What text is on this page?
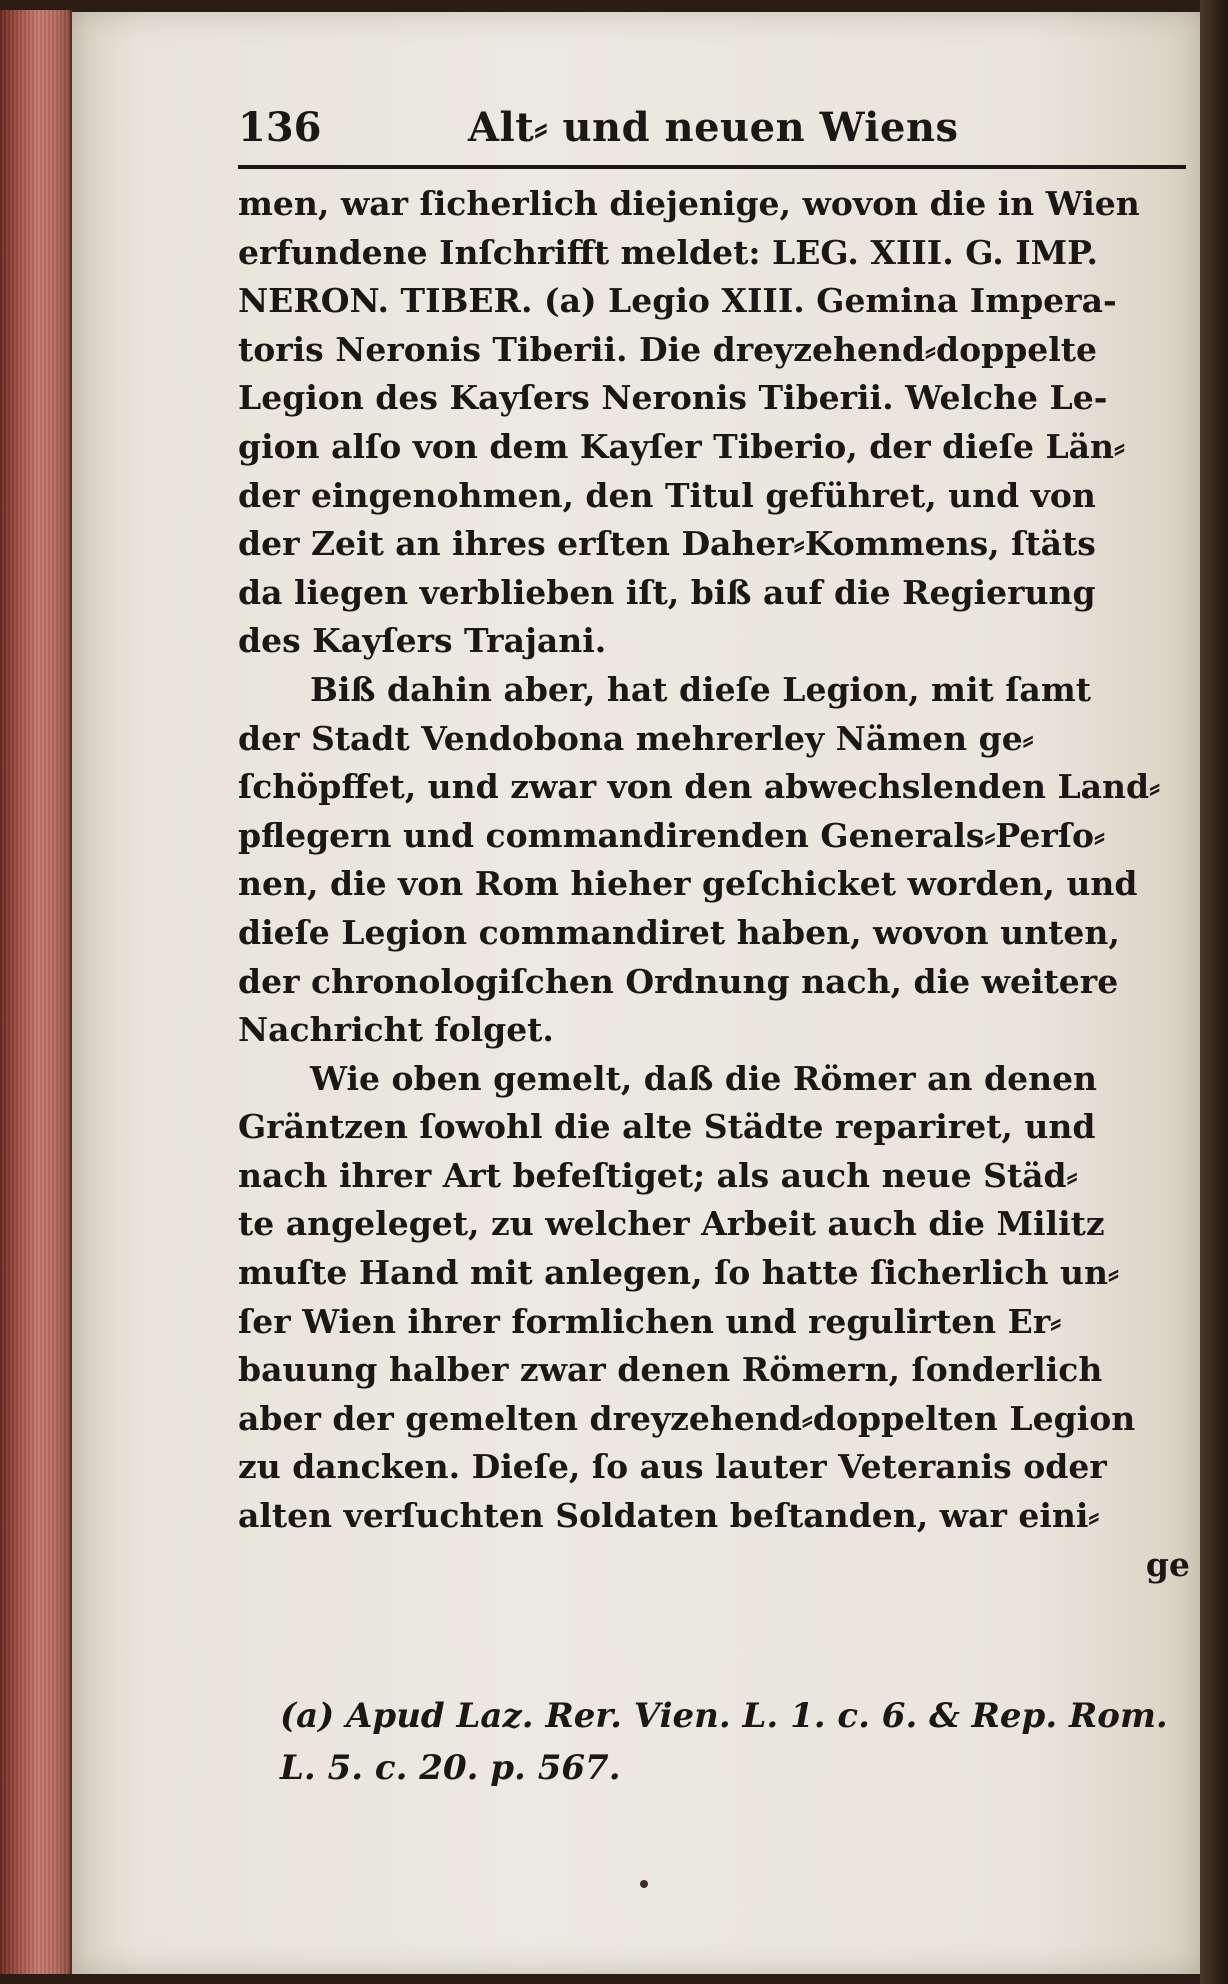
136	Alt⸗ und neuen Wiens
men, war ſicherlich diejenige, wovon die in Wien
erfundene Inſchrifft meldet: LEG. XIII. G. IMP.
NERON. TIBER. (a) Legio XIII. Gemina Impera-
toris Neronis Tiberii. Die dreyzehend⸗doppelte
Legion des Kayſers Neronis Tiberii. Welche Le-
gion alſo von dem Kayſer Tiberio, der dieſe Län⸗
der eingenohmen, den Titul geführet, und von
der Zeit an ihres erſten Daher⸗Kommens, ſtäts
da liegen verblieben iſt, biß auf die Regierung
des Kayſers Trajani.
Biß dahin aber, hat dieſe Legion, mit ſamt
der Stadt Vendobona mehrerley Nämen ge⸗
ſchöpffet, und zwar von den abwechslenden Land⸗
pflegern und commandirenden Generals⸗Perſo⸗
nen, die von Rom hieher geſchicket worden, und
dieſe Legion commandiret haben, wovon unten,
der chronologiſchen Ordnung nach, die weitere
Nachricht folget.
Wie oben gemelt, daß die Römer an denen
Gräntzen ſowohl die alte Städte repariret, und
nach ihrer Art befeſtiget; als auch neue Städ⸗
te angeleget, zu welcher Arbeit auch die Militz
muſte Hand mit anlegen, ſo hatte ſicherlich un⸗
ſer Wien ihrer formlichen und regulirten Er⸗
bauung halber zwar denen Römern, ſonderlich
aber der gemelten dreyzehend⸗doppelten Legion
zu dancken. Dieſe, ſo aus lauter Veteranis oder
alten verſuchten Soldaten beſtanden, war eini⸗
ge
(a) Apud Laz. Rer. Vien. L. 1. c. 6. & Rep. Rom.
L. 5. c. 20. p. 567.
